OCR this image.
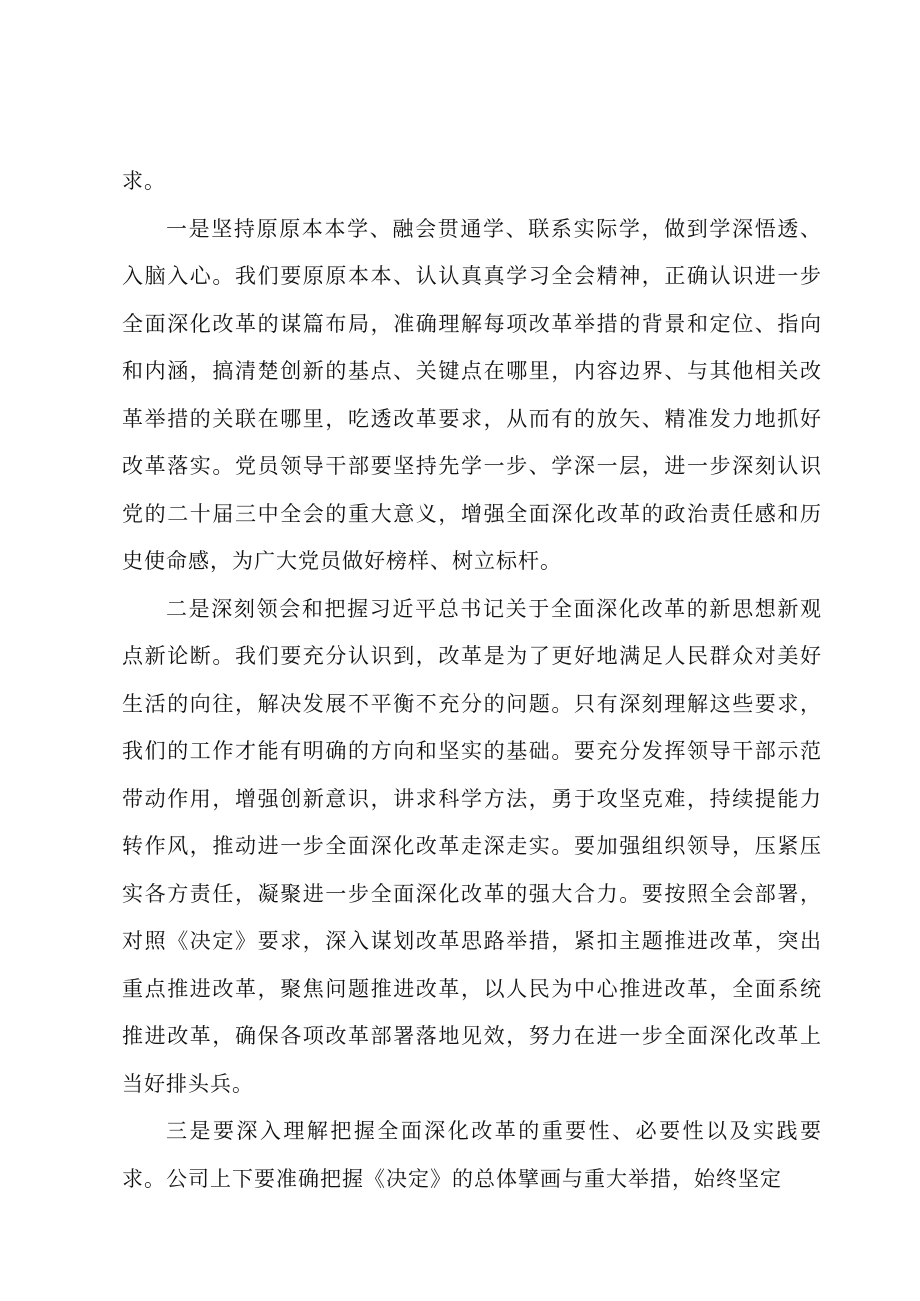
求。

一是坚持原原本本学、融会贯通学、联系实际学，做到学深悟透、入脑入心。我们要原原本本、认认真真学习全会精神，正确认识进一步全面深化改革的谋篇布局，准确理解每项改革举措的背景和定位、指向和内涵，搞清楚创新的基点、关键点在哪里，内容边界、与其他相关改革举措的关联在哪里，吃透改革要求，从而有的放矢、精准发力地抓好改革落实。党员领导干部要坚持先学一步、学深一层，进一步深刻认识党的二十届三中全会的重大意义，增强全面深化改革的政治责任感和历史使命感，为广大党员做好榜样、树立标杆。

二是深刻领会和把握习近平总书记关于全面深化改革的新思想新观点新论断。我们要充分认识到，改革是为了更好地满足人民群众对美好生活的向往，解决发展不平衡不充分的问题。只有深刻理解这些要求，我们的工作才能有明确的方向和坚实的基础。要充分发挥领导干部示范带动作用，增强创新意识，讲求科学方法，勇于攻坚克难，持续提能力转作风，推动进一步全面深化改革走深走实。要加强组织领导，压紧压实各方责任，凝聚进一步全面深化改革的强大合力。要按照全会部署，对照《决定》要求，深入谋划改革思路举措，紧扣主题推进改革，突出重点推进改革，聚焦问题推进改革，以人民为中心推进改革，全面系统推进改革，确保各项改革部署落地见效，努力在进一步全面深化改革上当好排头兵。

三是要深入理解把握全面深化改革的重要性、必要性以及实践要求。公司上下要准确把握《决定》的总体擘画与重大举措，始终坚定
